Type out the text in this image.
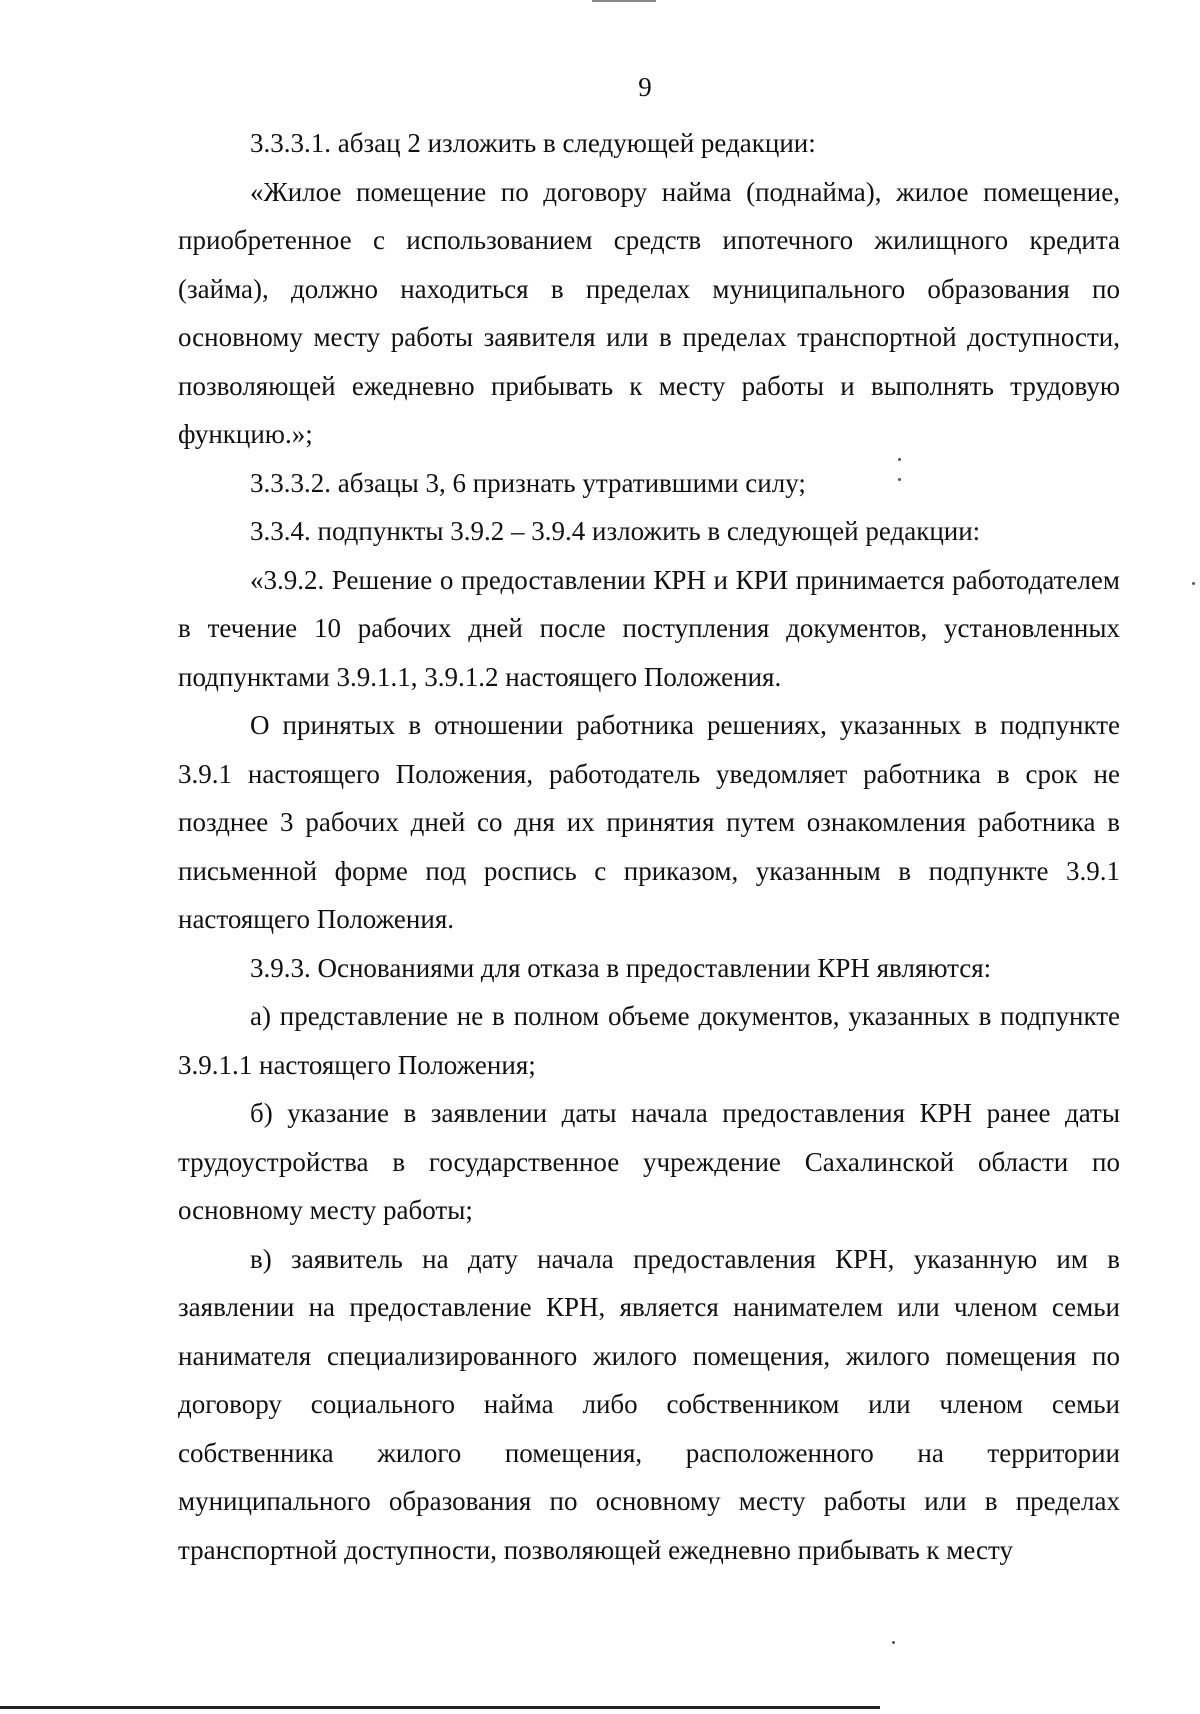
9

3.3.3.1. абзац 2 изложить в следующей редакции:

«Жилое помещение по договору найма (поднайма), жилое помещение, приобретенное с использованием средств ипотечного жилищного кредита (займа), должно находиться в пределах муниципального образования по основному месту работы заявителя или в пределах транспортной доступности, позволяющей ежедневно прибывать к месту работы и выполнять трудовую функцию.»;

3.3.3.2. абзацы 3, 6 признать утратившими силу;

3.3.4. подпункты 3.9.2 – 3.9.4 изложить в следующей редакции:

«3.9.2. Решение о предоставлении КРН и КРИ принимается работодателем в течение 10 рабочих дней после поступления документов, установленных подпунктами 3.9.1.1, 3.9.1.2 настоящего Положения.

О принятых в отношении работника решениях, указанных в подпункте 3.9.1 настоящего Положения, работодатель уведомляет работника в срок не позднее 3 рабочих дней со дня их принятия путем ознакомления работника в письменной форме под роспись с приказом, указанным в подпункте 3.9.1 настоящего Положения.

3.9.3. Основаниями для отказа в предоставлении КРН являются:

а) представление не в полном объеме документов, указанных в подпункте 3.9.1.1 настоящего Положения;

б) указание в заявлении даты начала предоставления КРН ранее даты трудоустройства в государственное учреждение Сахалинской области по основному месту работы;

в) заявитель на дату начала предоставления КРН, указанную им в заявлении на предоставление КРН, является нанимателем или членом семьи нанимателя специализированного жилого помещения, жилого помещения по договору социального найма либо собственником или членом семьи собственника жилого помещения, расположенного на территории муниципального образования по основному месту работы или в пределах транспортной доступности, позволяющей ежедневно прибывать к месту
